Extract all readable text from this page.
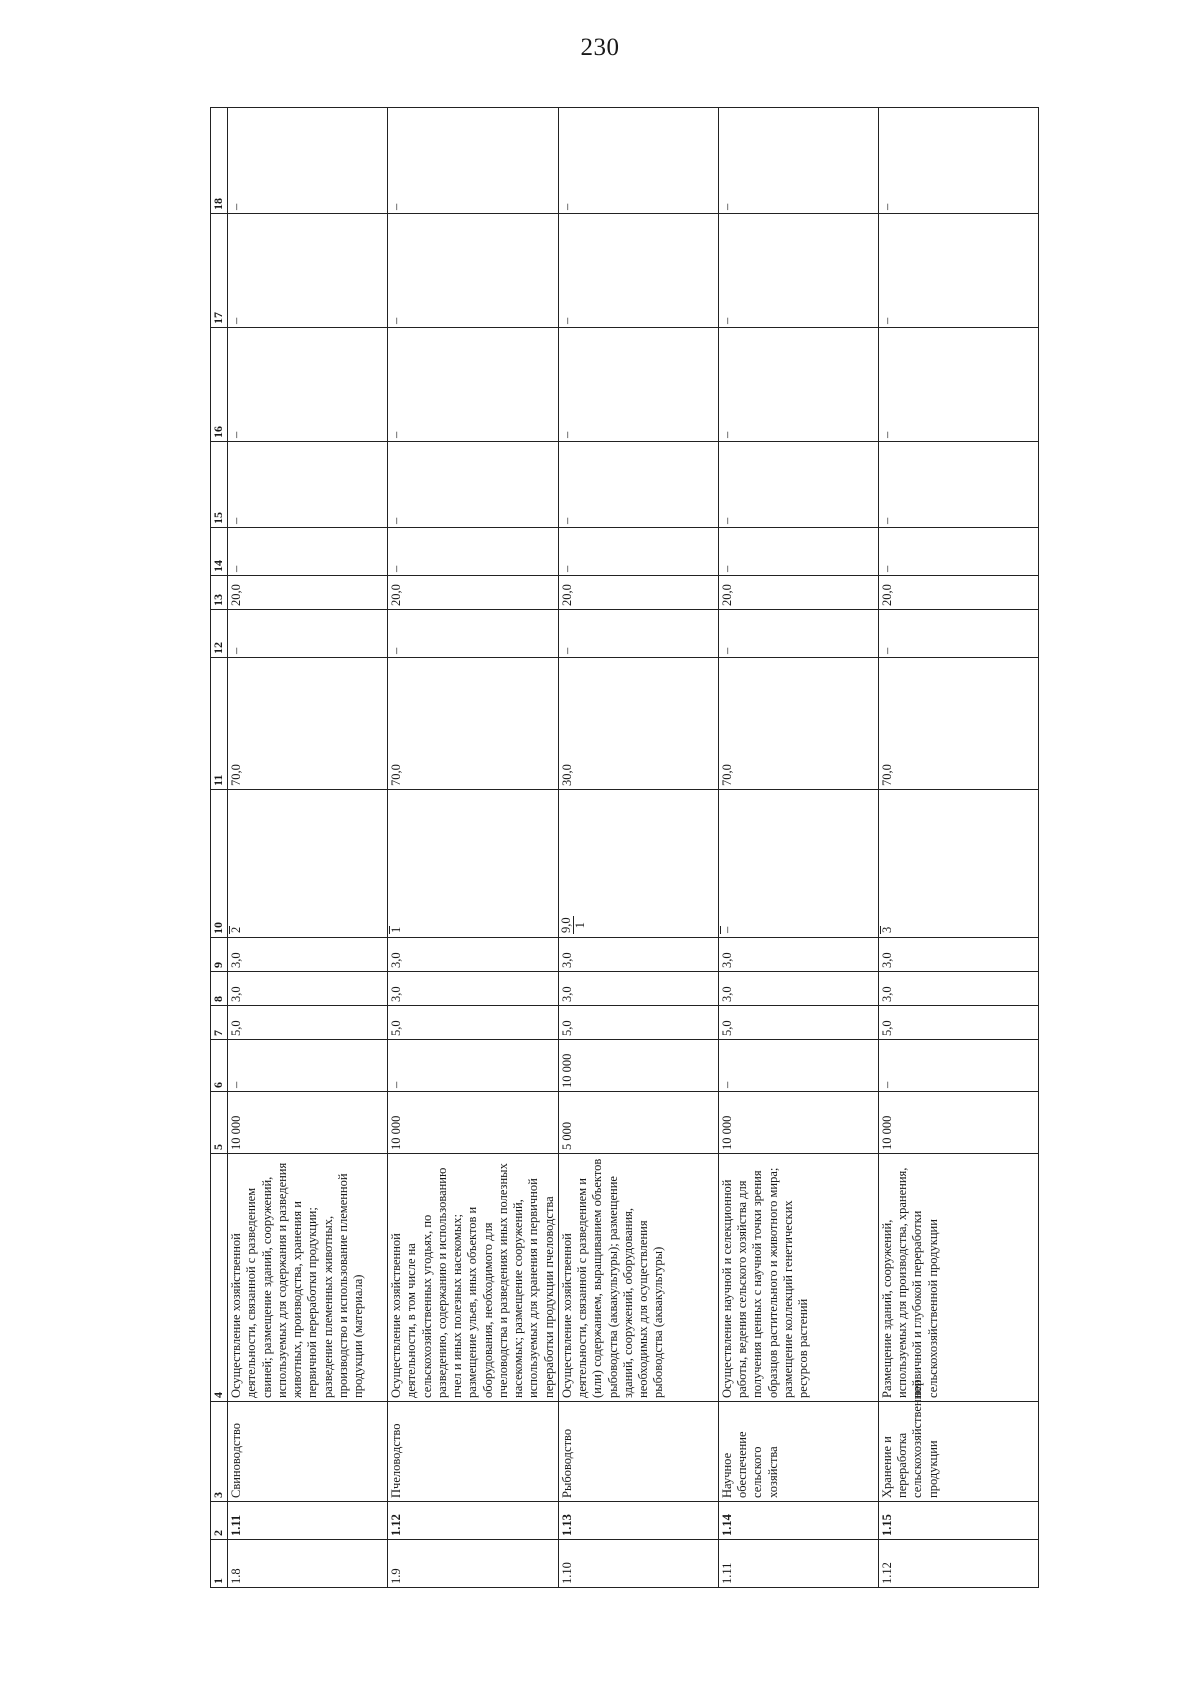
230
1	2	3	4	5	6	7	8	9	10	11	12	13	14	15	16	17	18
1.8	1.11	Свиноводство	Осуществление хозяйственной деятельности, связанной с разведением свиней; размещение зданий, сооружений, используемых для содержания и разведения животных, производства, хранения и первичной переработки продукции; разведение племенных животных, производство и использование племенной продукции (материала)	10 000	–	5,0	3,0	3,0	2	70,0	–	20,0	–	–	–	–	–
1.9	1.12	Пчеловодство	Осуществление хозяйственной деятельности, в том числе на сельскохозяйственных угодьях, по разведению, содержанию и использованию пчел и иных полезных насекомых; размещение ульев, иных объектов и оборудования, необходимого для пчеловодства и разведениях иных полезных насекомых; размещение сооружений, используемых для хранения и первичной переработки продукции пчеловодства	10 000	–	5,0	3,0	3,0	1	70,0	–	20,0	–	–	–	–	–
1.10	1.13	Рыбоводство	Осуществление хозяйственной деятельности, связанной с разведением и (или) содержанием, выращиванием объектов рыбоводства (аквакультуры); размещение зданий, сооружений, оборудования, необходимых для осуществления рыбоводства (аквакультуры)	5 000	10 000	5,0	3,0	3,0	9,0 1	30,0	–	20,0	–	–	–	–	–
1.11	1.14	Научное обеспечение сельского хозяйства	Осуществление научной и селекционной работы, ведения сельского хозяйства для получения ценных с научной точки зрения образцов растительного и животного мира; размещение коллекций генетических ресурсов растений	10 000	–	5,0	3,0	3,0	–	70,0	–	20,0	–	–	–	–	–
1.12	1.15	Хранение и переработка сельскохозяйственной продукции	Размещение зданий, сооружений, используемых для производства, хранения, первичной и глубокой переработки сельскохозяйственной продукции	10 000	–	5,0	3,0	3,0	3	70,0	–	20,0	–	–	–	–	–
